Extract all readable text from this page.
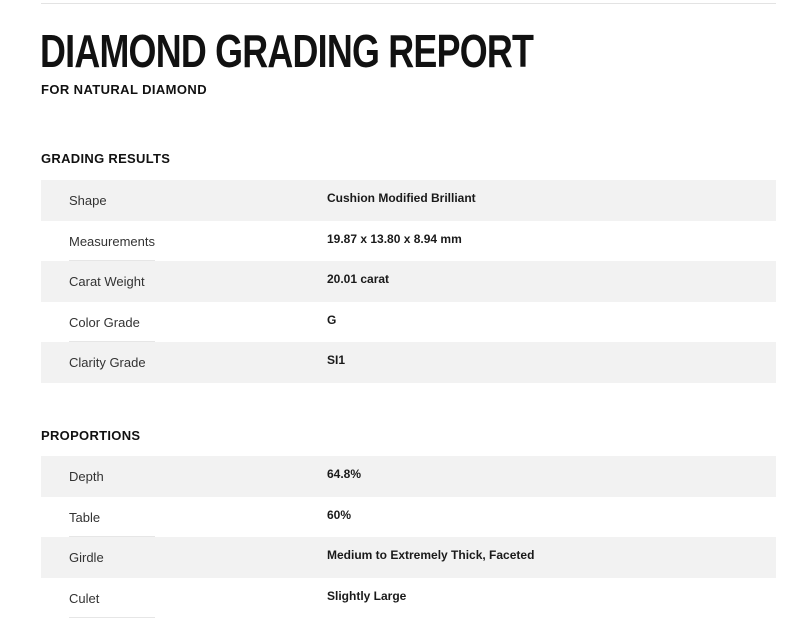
DIAMOND GRADING REPORT
FOR NATURAL DIAMOND
GRADING RESULTS
Shape	Cushion Modified Brilliant
Measurements	19.87 x 13.80 x 8.94 mm
Carat Weight	20.01 carat
Color Grade	G
Clarity Grade	SI1
PROPORTIONS
Depth	64.8%
Table	60%
Girdle	Medium to Extremely Thick, Faceted
Culet	Slightly Large
